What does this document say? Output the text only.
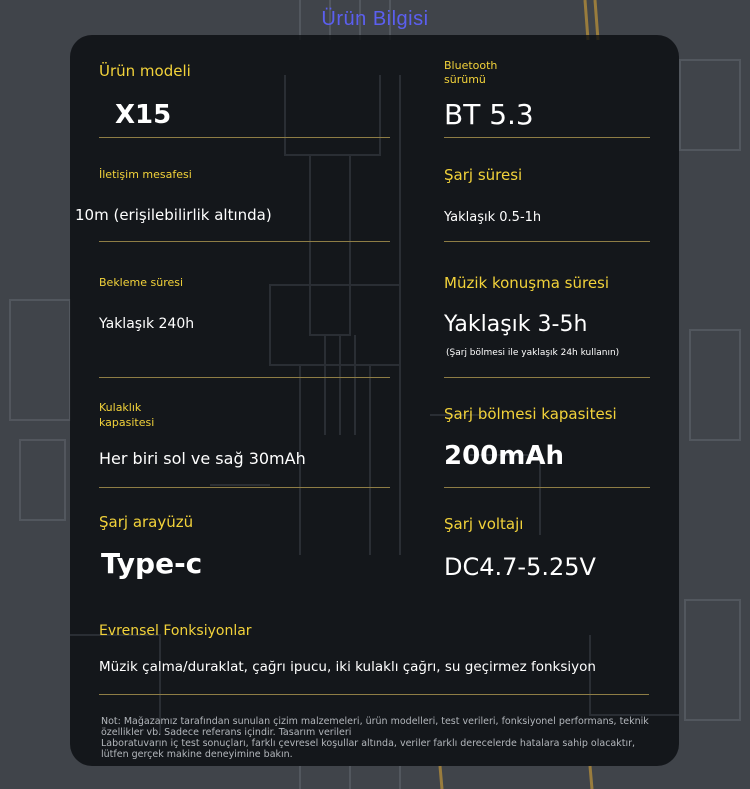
Ürün Bilgisi
Ürün modeli
X15
Bluetooth
sürümü
BT 5.3
İletişim mesafesi
10m (erişilebilirlik altında)
Şarj süresi
Yaklaşık 0.5-1h
Bekleme süresi
Yaklaşık 240h
Müzik konuşma süresi
Yaklaşık 3-5h
(Şarj bölmesi ile yaklaşık 24h kullanın)
Kulaklık
kapasitesi
Her biri sol ve sağ 30mAh
Şarj bölmesi kapasitesi
200mAh
Şarj arayüzü
Type-c
Şarj voltajı
DC4.7-5.25V
Evrensel Fonksiyonlar
Müzik çalma/duraklat, çağrı ipucu, iki kulaklı çağrı, su geçirmez fonksiyon
Not: Mağazamız tarafından sunulan çizim malzemeleri, ürün modelleri, test verileri, fonksiyonel performans, teknik
özellikler vb. Sadece referans içindir. Tasarım verileri
Laboratuvarın iç test sonuçları, farklı çevresel koşullar altında, veriler farklı derecelerde hatalara sahip olacaktır,
lütfen gerçek makine deneyimine bakın.
